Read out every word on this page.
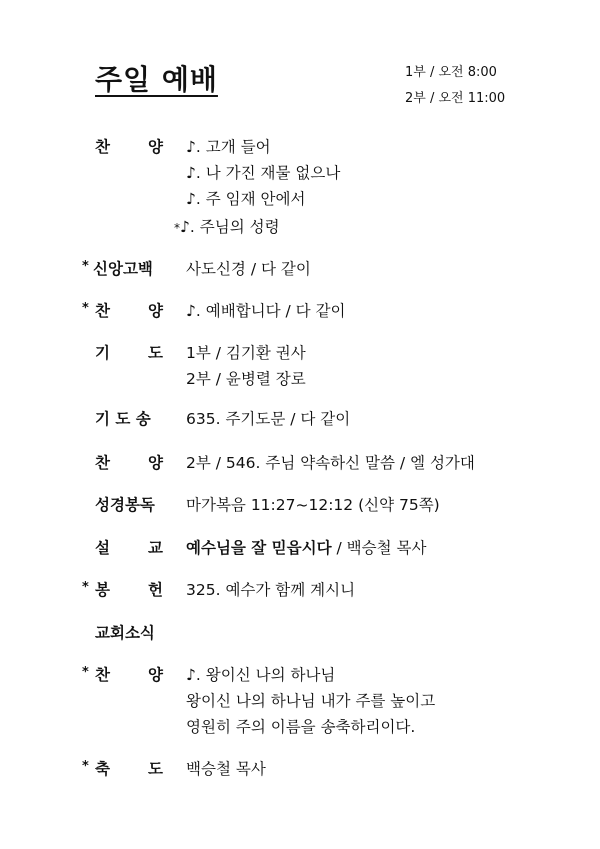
주일 예배	1부 / 오전 8:00
2부 / 오전 11:00
찬 양 ♪. 고개 들어
♪. 나 가진 재물 없으나
♪. 주 임재 안에서
*♪. 주님의 성령
* 신앙고백 사도신경 / 다 같이
* 찬 양 ♪. 예배합니다 / 다 같이
기 도 1부 / 김기환 권사
2부 / 윤병렬 장로
기 도 송 635. 주기도문 / 다 같이
찬 양 2부 / 546. 주님 약속하신 말씀 / 엘 성가대
성경봉독 마가복음 11:27~12:12 (신약 75쪽)
설 교 예수님을 잘 믿읍시다 / 백승철 목사
* 봉 헌 325. 예수가 함께 계시니
교회소식
* 찬 양 ♪. 왕이신 나의 하나님
왕이신 나의 하나님 내가 주를 높이고
영원히 주의 이름을 송축하리이다.
* 축 도 백승철 목사
